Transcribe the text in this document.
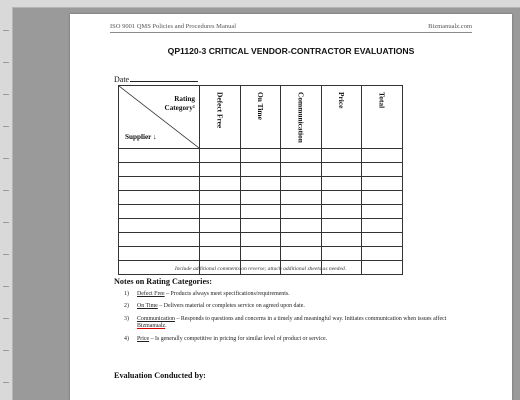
ISO 9001 QMS Policies and Procedures Manual	Bizmanualz.com
QP1120-3 CRITICAL VENDOR-CONTRACTOR EVALUATIONS
Date
Rating
Category¹
Supplier ↓	Defect Free	On Time	Communication	Price	Total

Include additional comments on reverse; attach additional sheets as needed.
Notes on Rating Categories:
1)	Defect Free – Products always meet specifications/requirements.
2)	On Time – Delivers material or completes service on agreed upon date.
3)	Communication – Responds to questions and concerns in a timely and meaningful way. Initiates communication when issues affect Bizmanualz.
4)	Price – Is generally competitive in pricing for similar level of product or service.
Evaluation Conducted by:
